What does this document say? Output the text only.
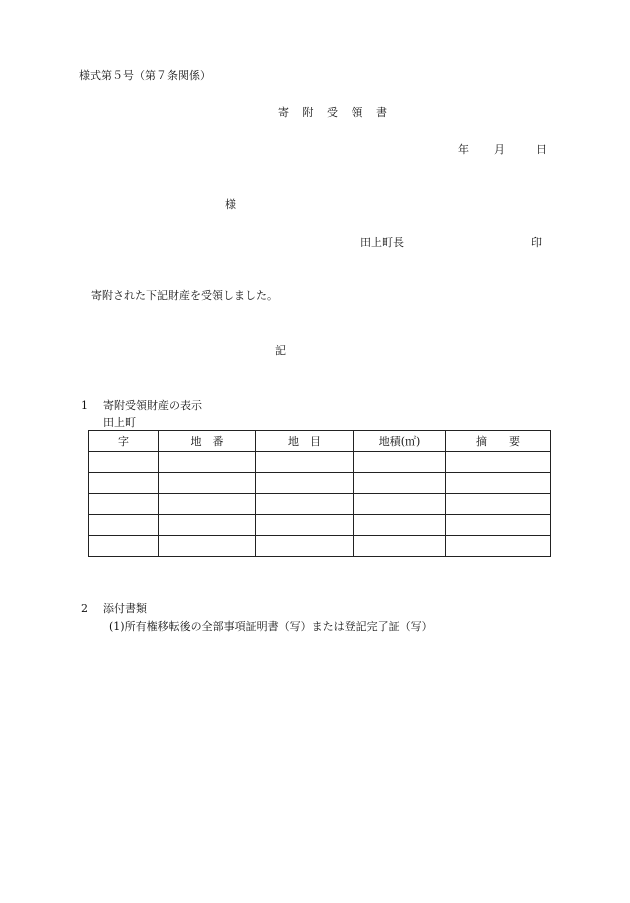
様式第５号（第７条関係）
寄 附 受 領 書
年 月	日
様
田上町長	印
寄附された下記財産を受領しました。
記
1 寄附受領財産の表示
田上町
字	地　番	地　目	地積(㎡)	摘　　要

2 添付書類
(1)所有権移転後の全部事項証明書（写）または登記完了証（写）
